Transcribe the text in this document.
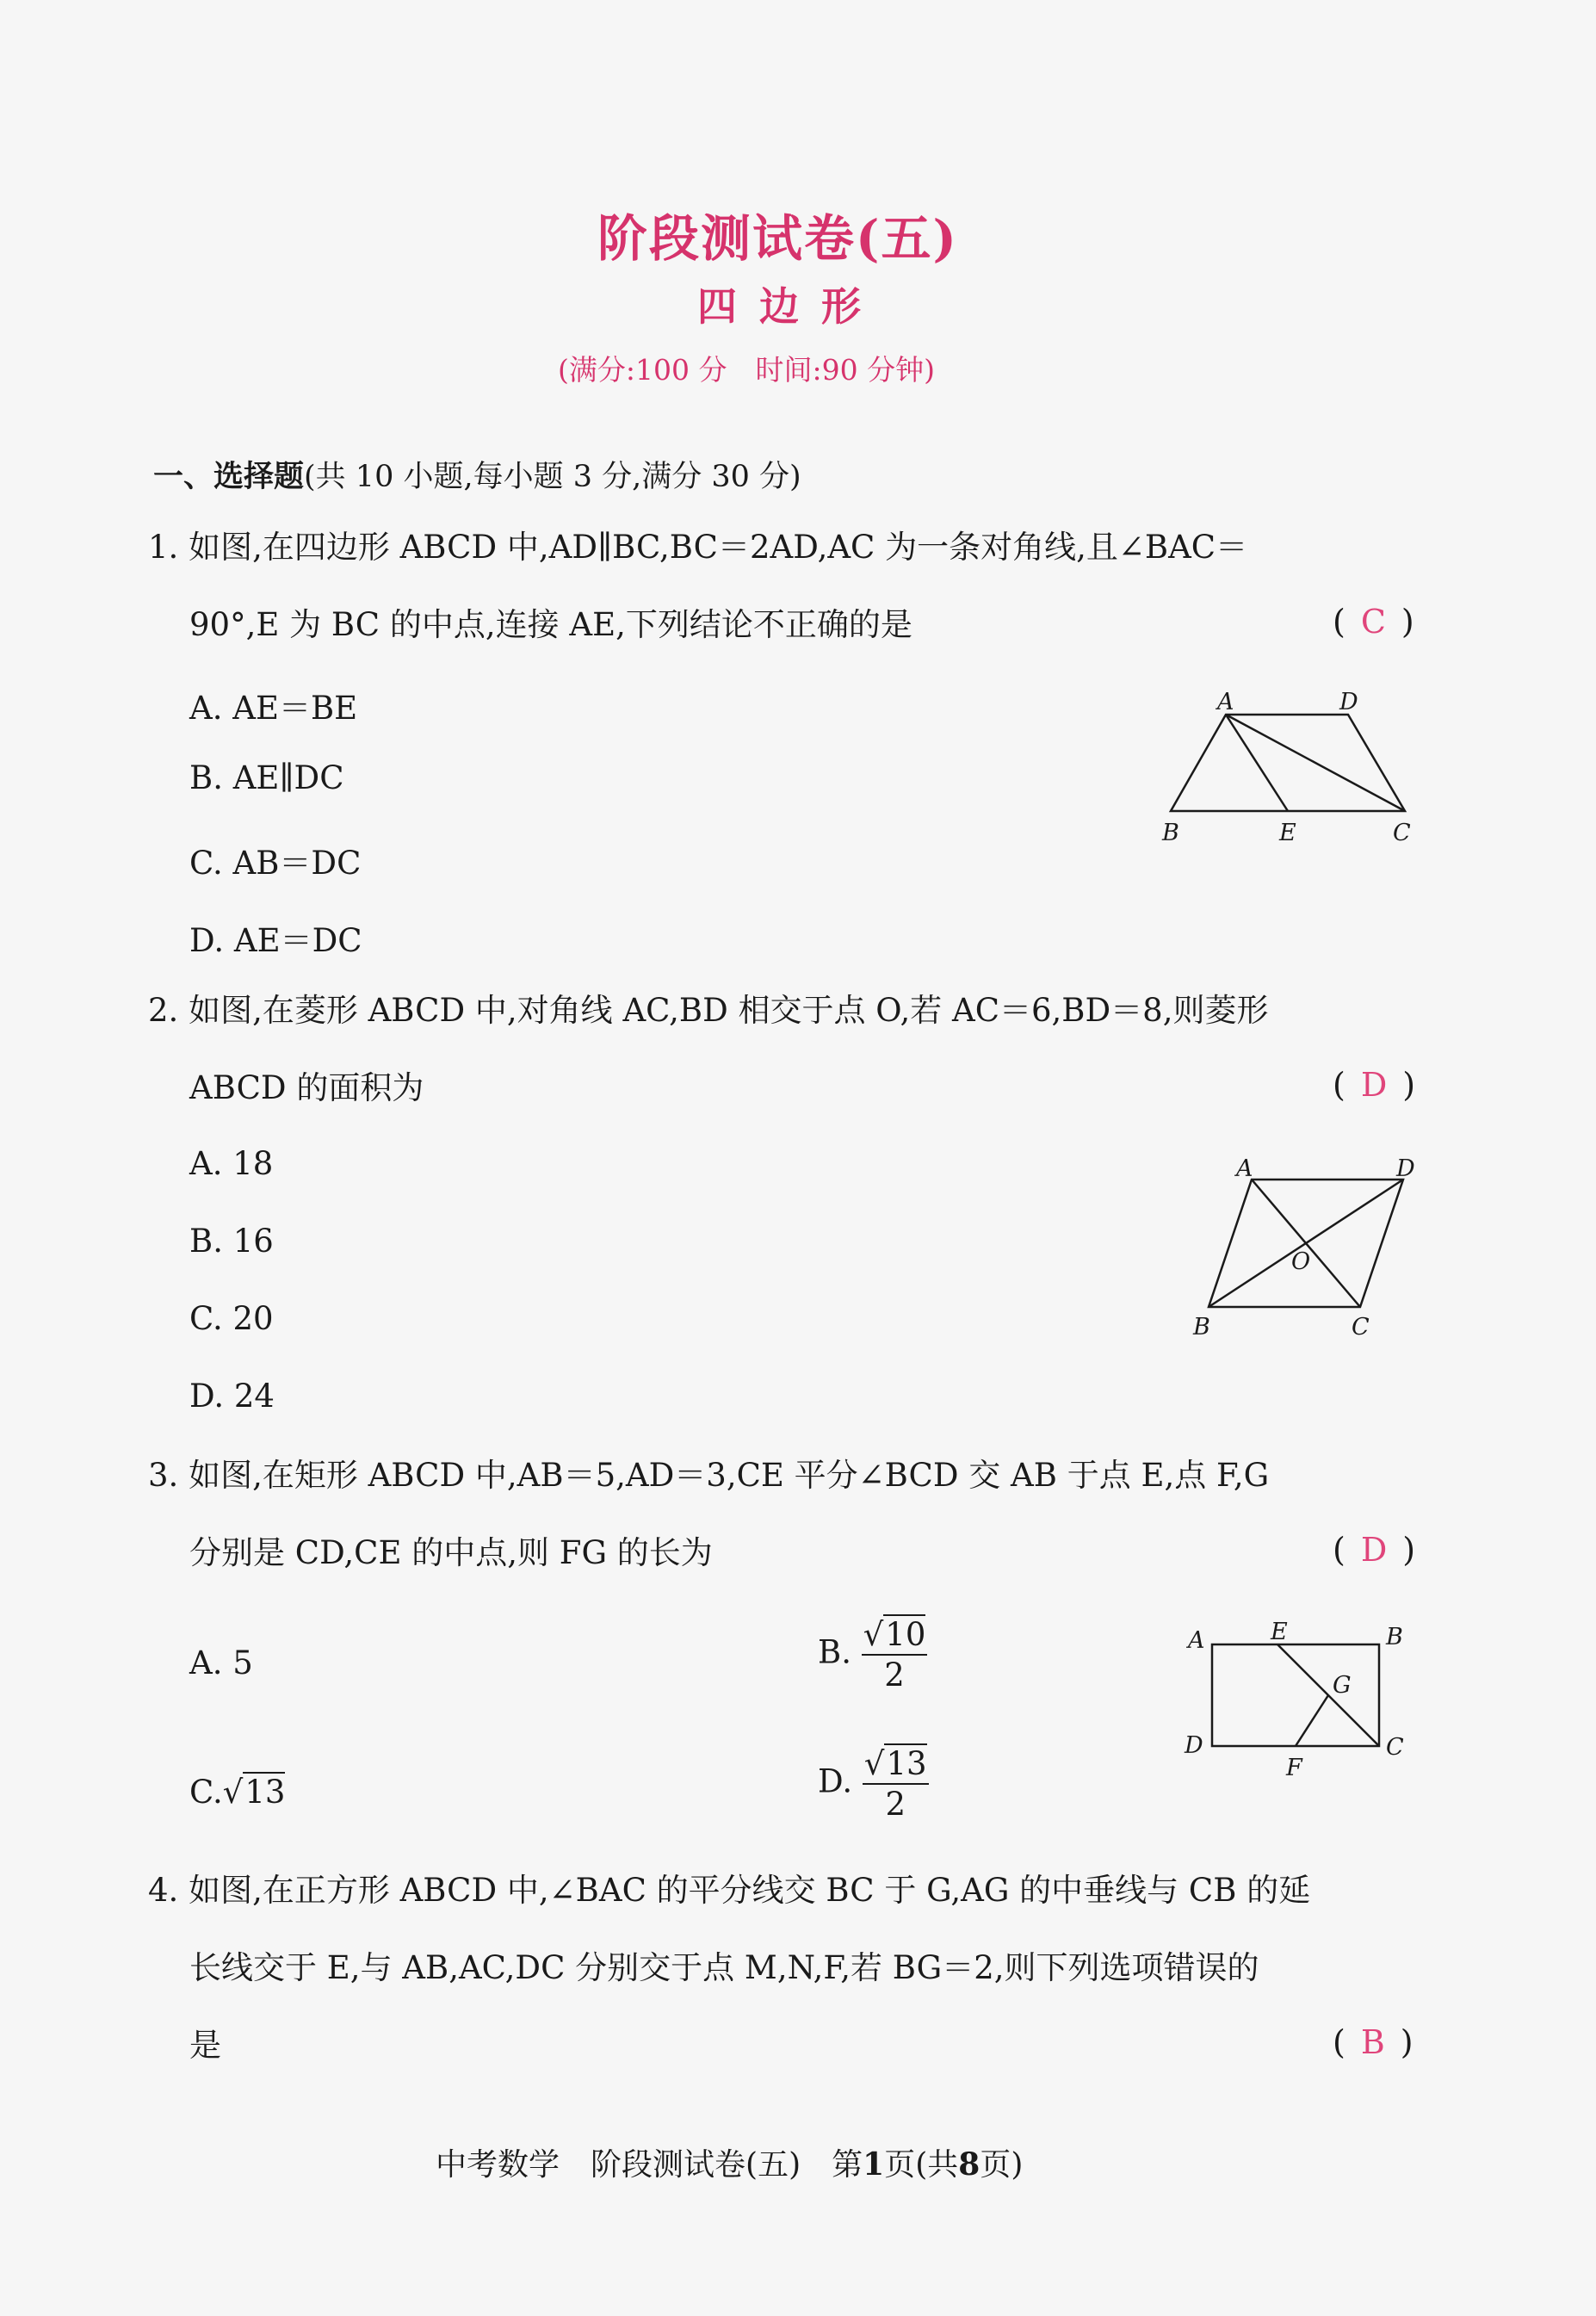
阶段测试卷(五)
四边形
(满分:100 分　时间:90 分钟)
一、选择题(共 10 小题,每小题 3 分,满分 30 分)
1. 如图,在四边形 ABCD 中,AD∥BC,BC＝2AD,AC 为一条对角线,且∠BAC＝
90°,E 为 BC 的中点,连接 AE,下列结论不正确的是	( C )
A. AE＝BE
B. AE∥DC
C. AB＝DC
D. AE＝DC
A	D
B	E	C
2. 如图,在菱形 ABCD 中,对角线 AC,BD 相交于点 O,若 AC＝6,BD＝8,则菱形
ABCD 的面积为	( D )
A. 18
B. 16
C. 20
D. 24
A	D
O
B	C
3. 如图,在矩形 ABCD 中,AB＝5,AD＝3,CE 平分∠BCD 交 AB 于点 E,点 F,G
分别是 CD,CE 的中点,则 FG 的长为	( D )
A. 5	B. $\frac{√10}{2}$
C.√13	D. $\frac{√13}{2}$
A	E	B
G
D
F
C
4. 如图,在正方形 ABCD 中,∠BAC 的平分线交 BC 于 G,AG 的中垂线与 CB 的延
长线交于 E,与 AB,AC,DC 分别交于点 M,N,F,若 BG＝2,则下列选项错误的
是	( B )
中考数学　 阶段测试卷(五)　 第1页(共8页)
